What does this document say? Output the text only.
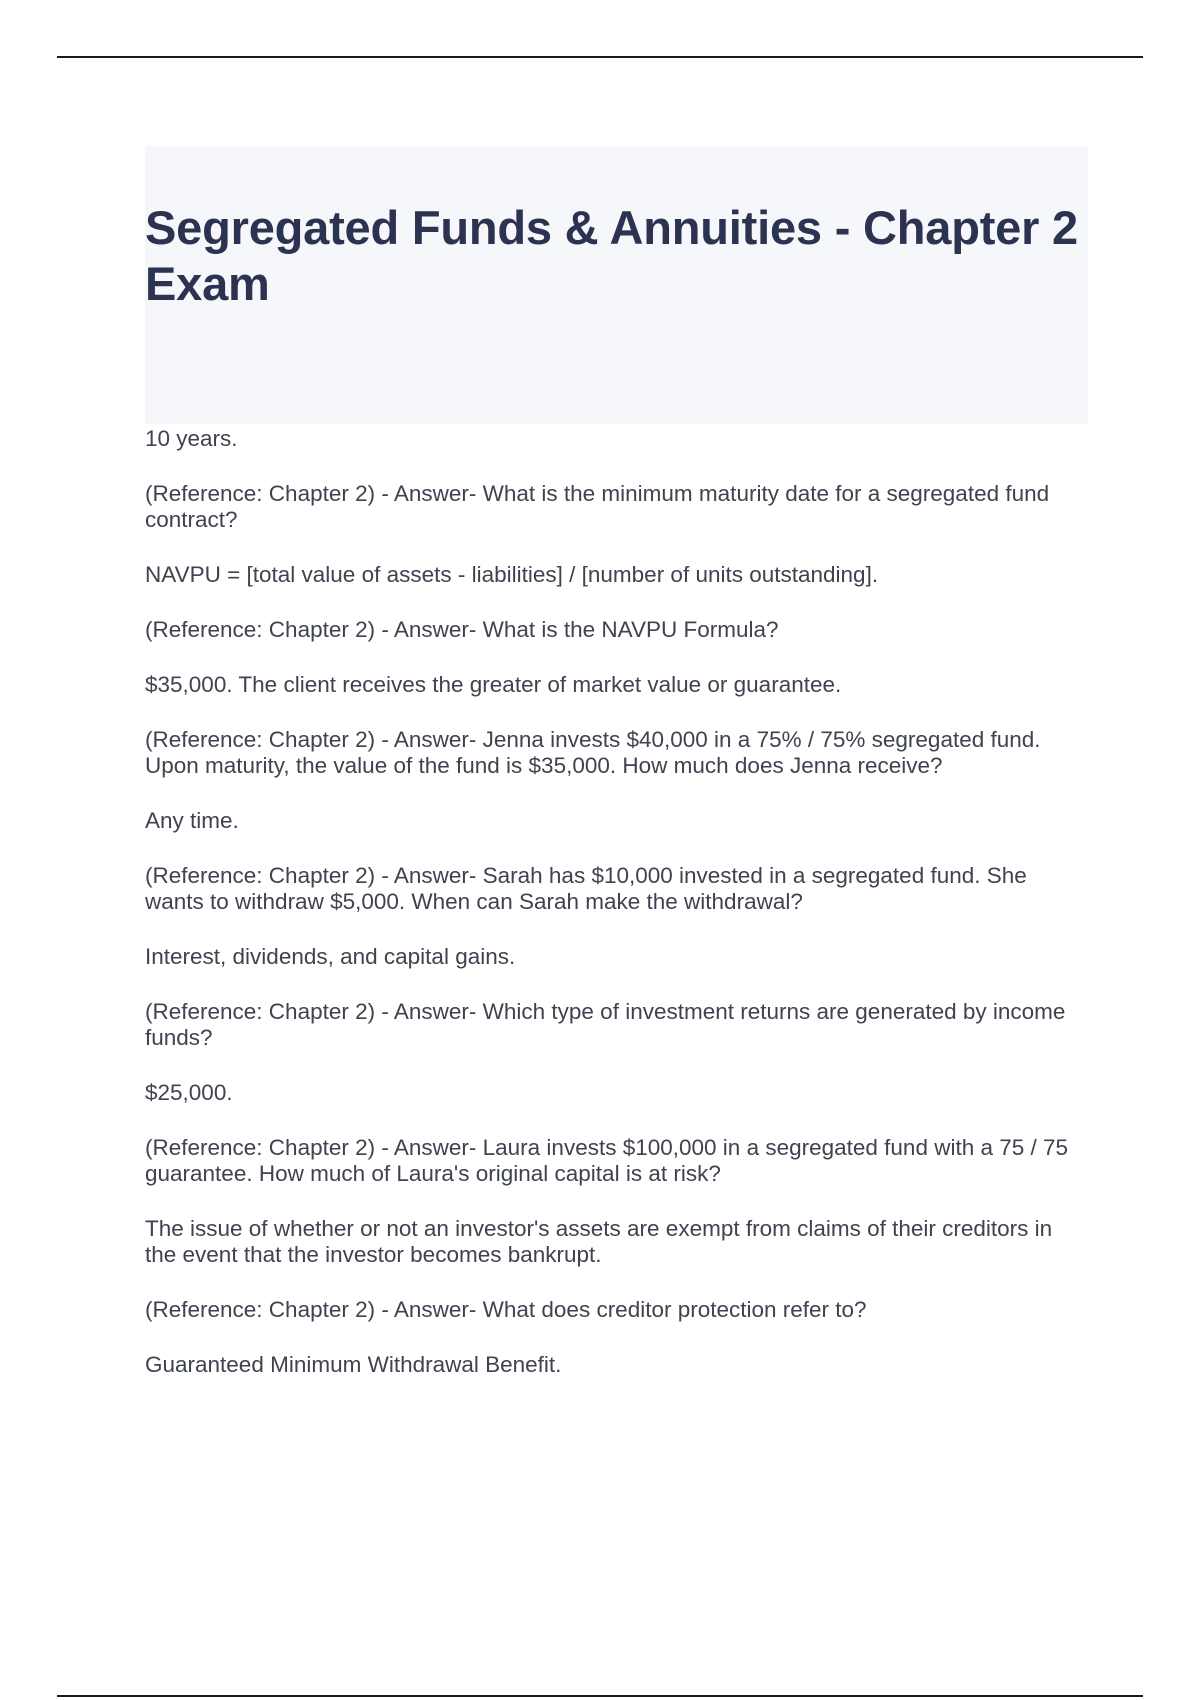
Segregated Funds & Annuities - Chapter 2 Exam

10 years.

(Reference: Chapter 2) - Answer- What is the minimum maturity date for a segregated fund contract?

NAVPU = [total value of assets - liabilities] / [number of units outstanding].

(Reference: Chapter 2) - Answer- What is the NAVPU Formula?

$35,000. The client receives the greater of market value or guarantee.

(Reference: Chapter 2) - Answer- Jenna invests $40,000 in a 75% / 75% segregated fund. Upon maturity, the value of the fund is $35,000. How much does Jenna receive?

Any time.

(Reference: Chapter 2) - Answer- Sarah has $10,000 invested in a segregated fund. She wants to withdraw $5,000. When can Sarah make the withdrawal?

Interest, dividends, and capital gains.

(Reference: Chapter 2) - Answer- Which type of investment returns are generated by income funds?

$25,000.

(Reference: Chapter 2) - Answer- Laura invests $100,000 in a segregated fund with a 75 / 75 guarantee. How much of Laura's original capital is at risk?

The issue of whether or not an investor's assets are exempt from claims of their creditors in the event that the investor becomes bankrupt.

(Reference: Chapter 2) - Answer- What does creditor protection refer to?

Guaranteed Minimum Withdrawal Benefit.
